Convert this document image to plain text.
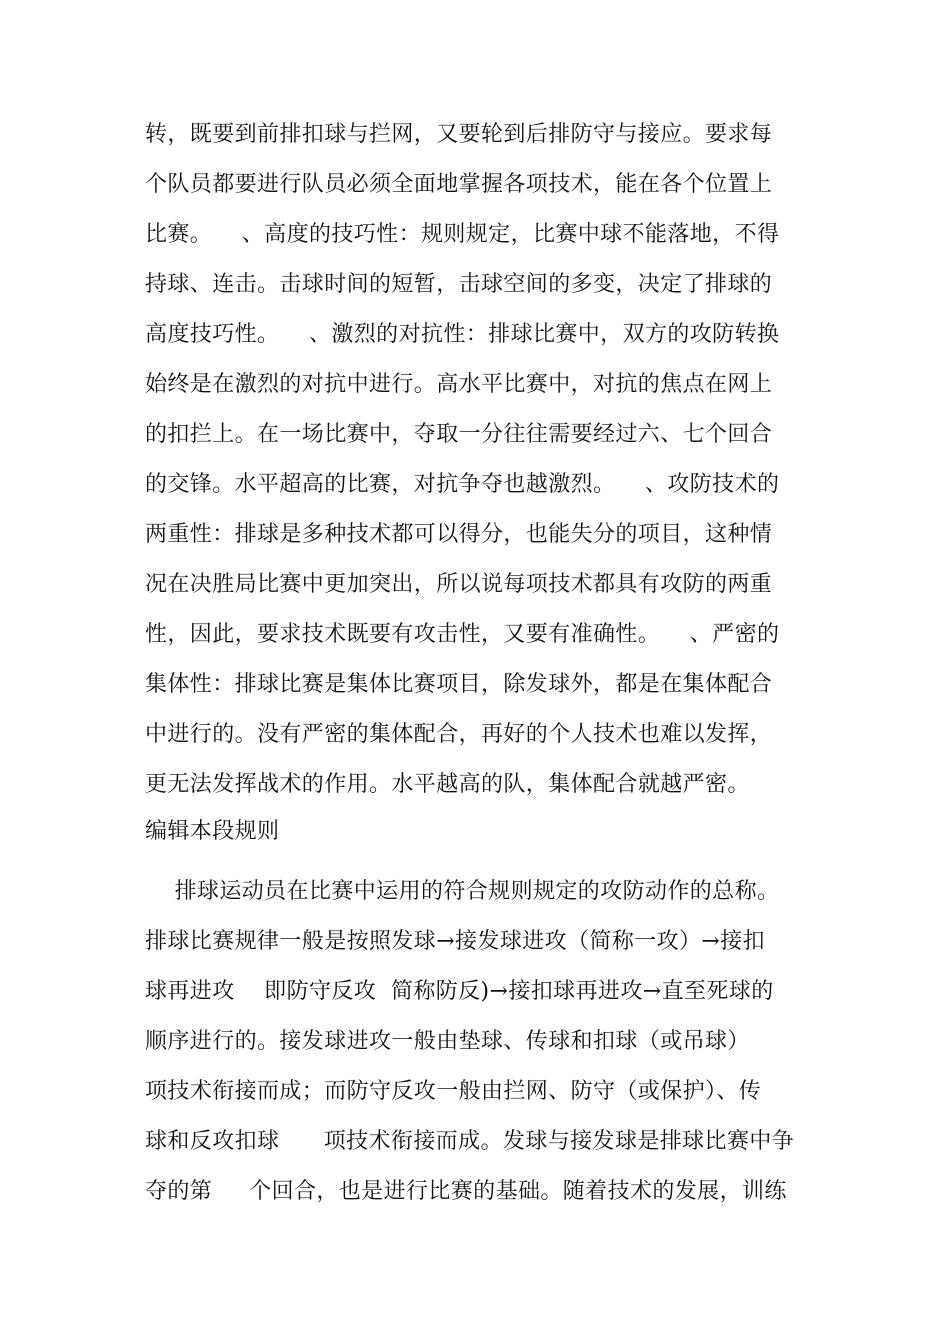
转，既要到前排扣球与拦网，又要轮到后排防守与接应。要求每
个队员都要进行队员必须全面地掌握各项技术，能在各个位置上
比赛。    、高度的技巧性：规则规定，比赛中球不能落地，不得
持球、连击。击球时间的短暂，击球空间的多变，决定了排球的
高度技巧性。    、激烈的对抗性：排球比赛中，双方的攻防转换
始终是在激烈的对抗中进行。高水平比赛中，对抗的焦点在网上
的扣拦上。在一场比赛中，夺取一分往往需要经过六、七个回合
的交锋。水平超高的比赛，对抗争夺也越激烈。    、攻防技术的
两重性：排球是多种技术都可以得分，也能失分的项目，这种情
况在决胜局比赛中更加突出，所以说每项技术都具有攻防的两重
性，因此，要求技术既要有攻击性，又要有准确性。    、严密的
集体性：排球比赛是集体比赛项目，除发球外，都是在集体配合
中进行的。没有严密的集体配合，再好的个人技术也难以发挥，
更无法发挥战术的作用。水平越高的队，集体配合就越严密。
编辑本段规则
排球运动员在比赛中运用的符合规则规定的攻防动作的总称。
排球比赛规律一般是按照发球→接发球进攻（简称一攻）→接扣
球再进攻    即防守反攻  简称防反)→接扣球再进攻→直至死球的
顺序进行的。接发球进攻一般由垫球、传球和扣球（或吊球）
项技术衔接而成；而防守反攻一般由拦网、防守（或保护）、传
球和反攻扣球      项技术衔接而成。发球与接发球是排球比赛中争
夺的第     个回合，也是进行比赛的基础。随着技术的发展，训练
